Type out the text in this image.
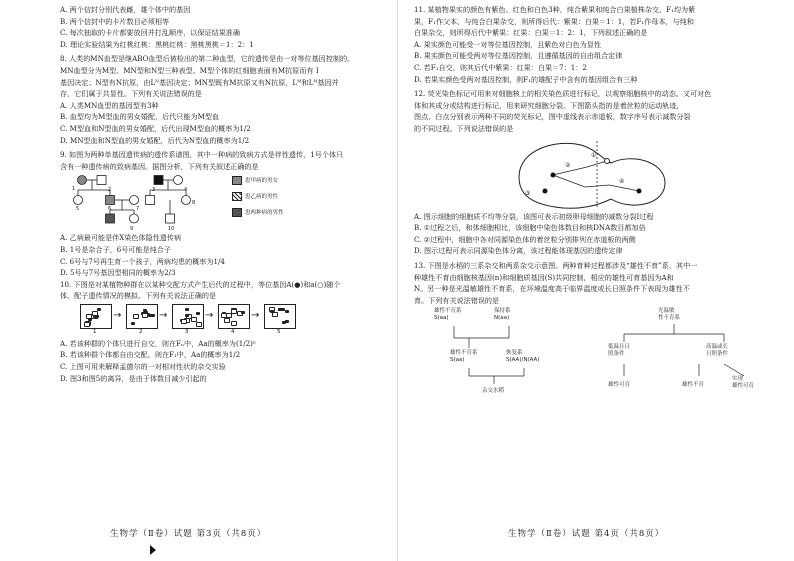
A. 两个信封分别代表雌，雄个体中的基因
B. 两个信封中的卡片数目必须相等
C. 每次抽取的卡片都要放回并打乱顺序，以保证结果准确
D. 理论实验结果为红桃红桃：黑桃红桃：黑桃黑桃＝1：2：1
8. 人类的MN血型是继ABO血型后被检出的第二种血型，它的遗传是由一对等位基因控制的。
MN血型分为M型、MN型和N型三种表型。M型个体的红细胞表面有M抗原而有 I
基因决定；N型有N抗原，由Lᴺ基因决定；MN型既有M抗原又有N抗原，Lᴹ和Lᴺ基因并
存，它们属于共显性。下列有关说法错误的是
A. 人类MN血型的基因型有3种
B. 血型均为M型血的男女婚配，后代只能为M型血
C. M型血和N型血的男女婚配，后代出现M型血的概率为1/2
D. MN型血和N型血的男女婚配，后代为N型血的概率为1/2
9. 如图为两种单基因遗传病的遗传系谱图，其中一种病的致病方式是伴性遗传，1号个体只
含有一种遗传病的致病基因。据图分析，下列有关叙述正确的是
1	2	3	4
5	6	7
8
9	10
患甲病的男女
患乙病的男性
患两种病的男性
A. 乙病最可能是伴X染色体隐性遗传病
B. 1号是杂合子，6号可能是纯合子
C. 6号与7号再生育一个孩子，两病均患的概率为1/4
D. 5号与7号基因型相同的概率为2/3
10. 下图是对某植物种群在以某种交配方式产生后代的过程中，等位基因A(●)和a(○)随个
体、配子遗传情况的模拟。下列有关说法正确的是
→	→	→	→
1	2	3	4	5
A. 若该种群的个体只进行自交，则在Fₙ中，Aa的概率为(1/2)ⁿ
B. 若该种群个体都自由交配，则在F₁中，Aa的概率为1/2
C. 上图可用来解释孟德尔的一对相对性状的杂交实验
D. 图3和图5的离异，是由于体数目减少引起的
生物学（Ⅱ卷）试题 第3页（共8页）
11. 某植物果实的颜色有紫色、红色和白色3种，纯合紫果和纯合白果植株杂交，F₁均为紫
果，F₁作父本，与纯合白果杂交，则所得后代：紫果：白果＝1：1，若F₁作母本，与纯和
白果杂交，则所得后代中紫果：红果：白果＝1：2：1，下列叙述正确的是
A. 果实颜色可能受一对等位基因控制，且紫色对白色为显性
B. 果实颜色可能受两对等位基因控制，且遵循基因的自由组合定律
C. 若F₁自交，则其后代中紫果：红果：白果＝7：1：2
D. 若果实颜色受两对基因控制，则F₁的雄配子中含有的基因组合有三种
12. 荧光染色标记可用来对细胞核上的相关染色质进行标记，以观察细胞核中的动态。又可对色
体和其成分或结构进行标记，用来研究细胞分裂。下图箭头指的是着丝粒的运动轨迹，
图点、白点分别表示两种不同的荧光标记，图中虚线表示赤道板，数字序号表示减数分裂
的不同过程。下列说法错误的是
①
②
③
④
A. 图示细胞的细胞质不均等分裂，该图可表示初级卵母细胞的减数分裂Ⅰ过程
B. ①过程之后，和体细胞相比，该细胞中染色体数目和核DNA数目都加倍
C. ②过程中，细胞中各对同源染色体的着丝粒分别排列在赤道板的两侧
D. 图示过程可表示同源染色体分离，该过程能体现基因的遗传定律
13. 下图是水稻的三系杂交和两系杂交示意图。两种育种过程都涉及“雄性不育”系，其中一
种雄性不育由细胞核基因(n)和细胞质基因(S)共同控制，相应的雄性可育基因为A和
N。另一种是光温敏雄性不育系，在环境温度高于临界温度或长日照条件下表现为雄性不
育。下列有关说法错误的是
雄性不育系
S(aa)
保持系
N(aa)
雄性不育系
S(aa)
恢复系
S(AA)/N(AA)
杂交水稻
光温敏
性不育系
低温且日
照条件
高温或长
日照条件
雄性可育	雄性不育
实现
雄性可育
生物学（Ⅱ卷）试题 第4页（共8页）
